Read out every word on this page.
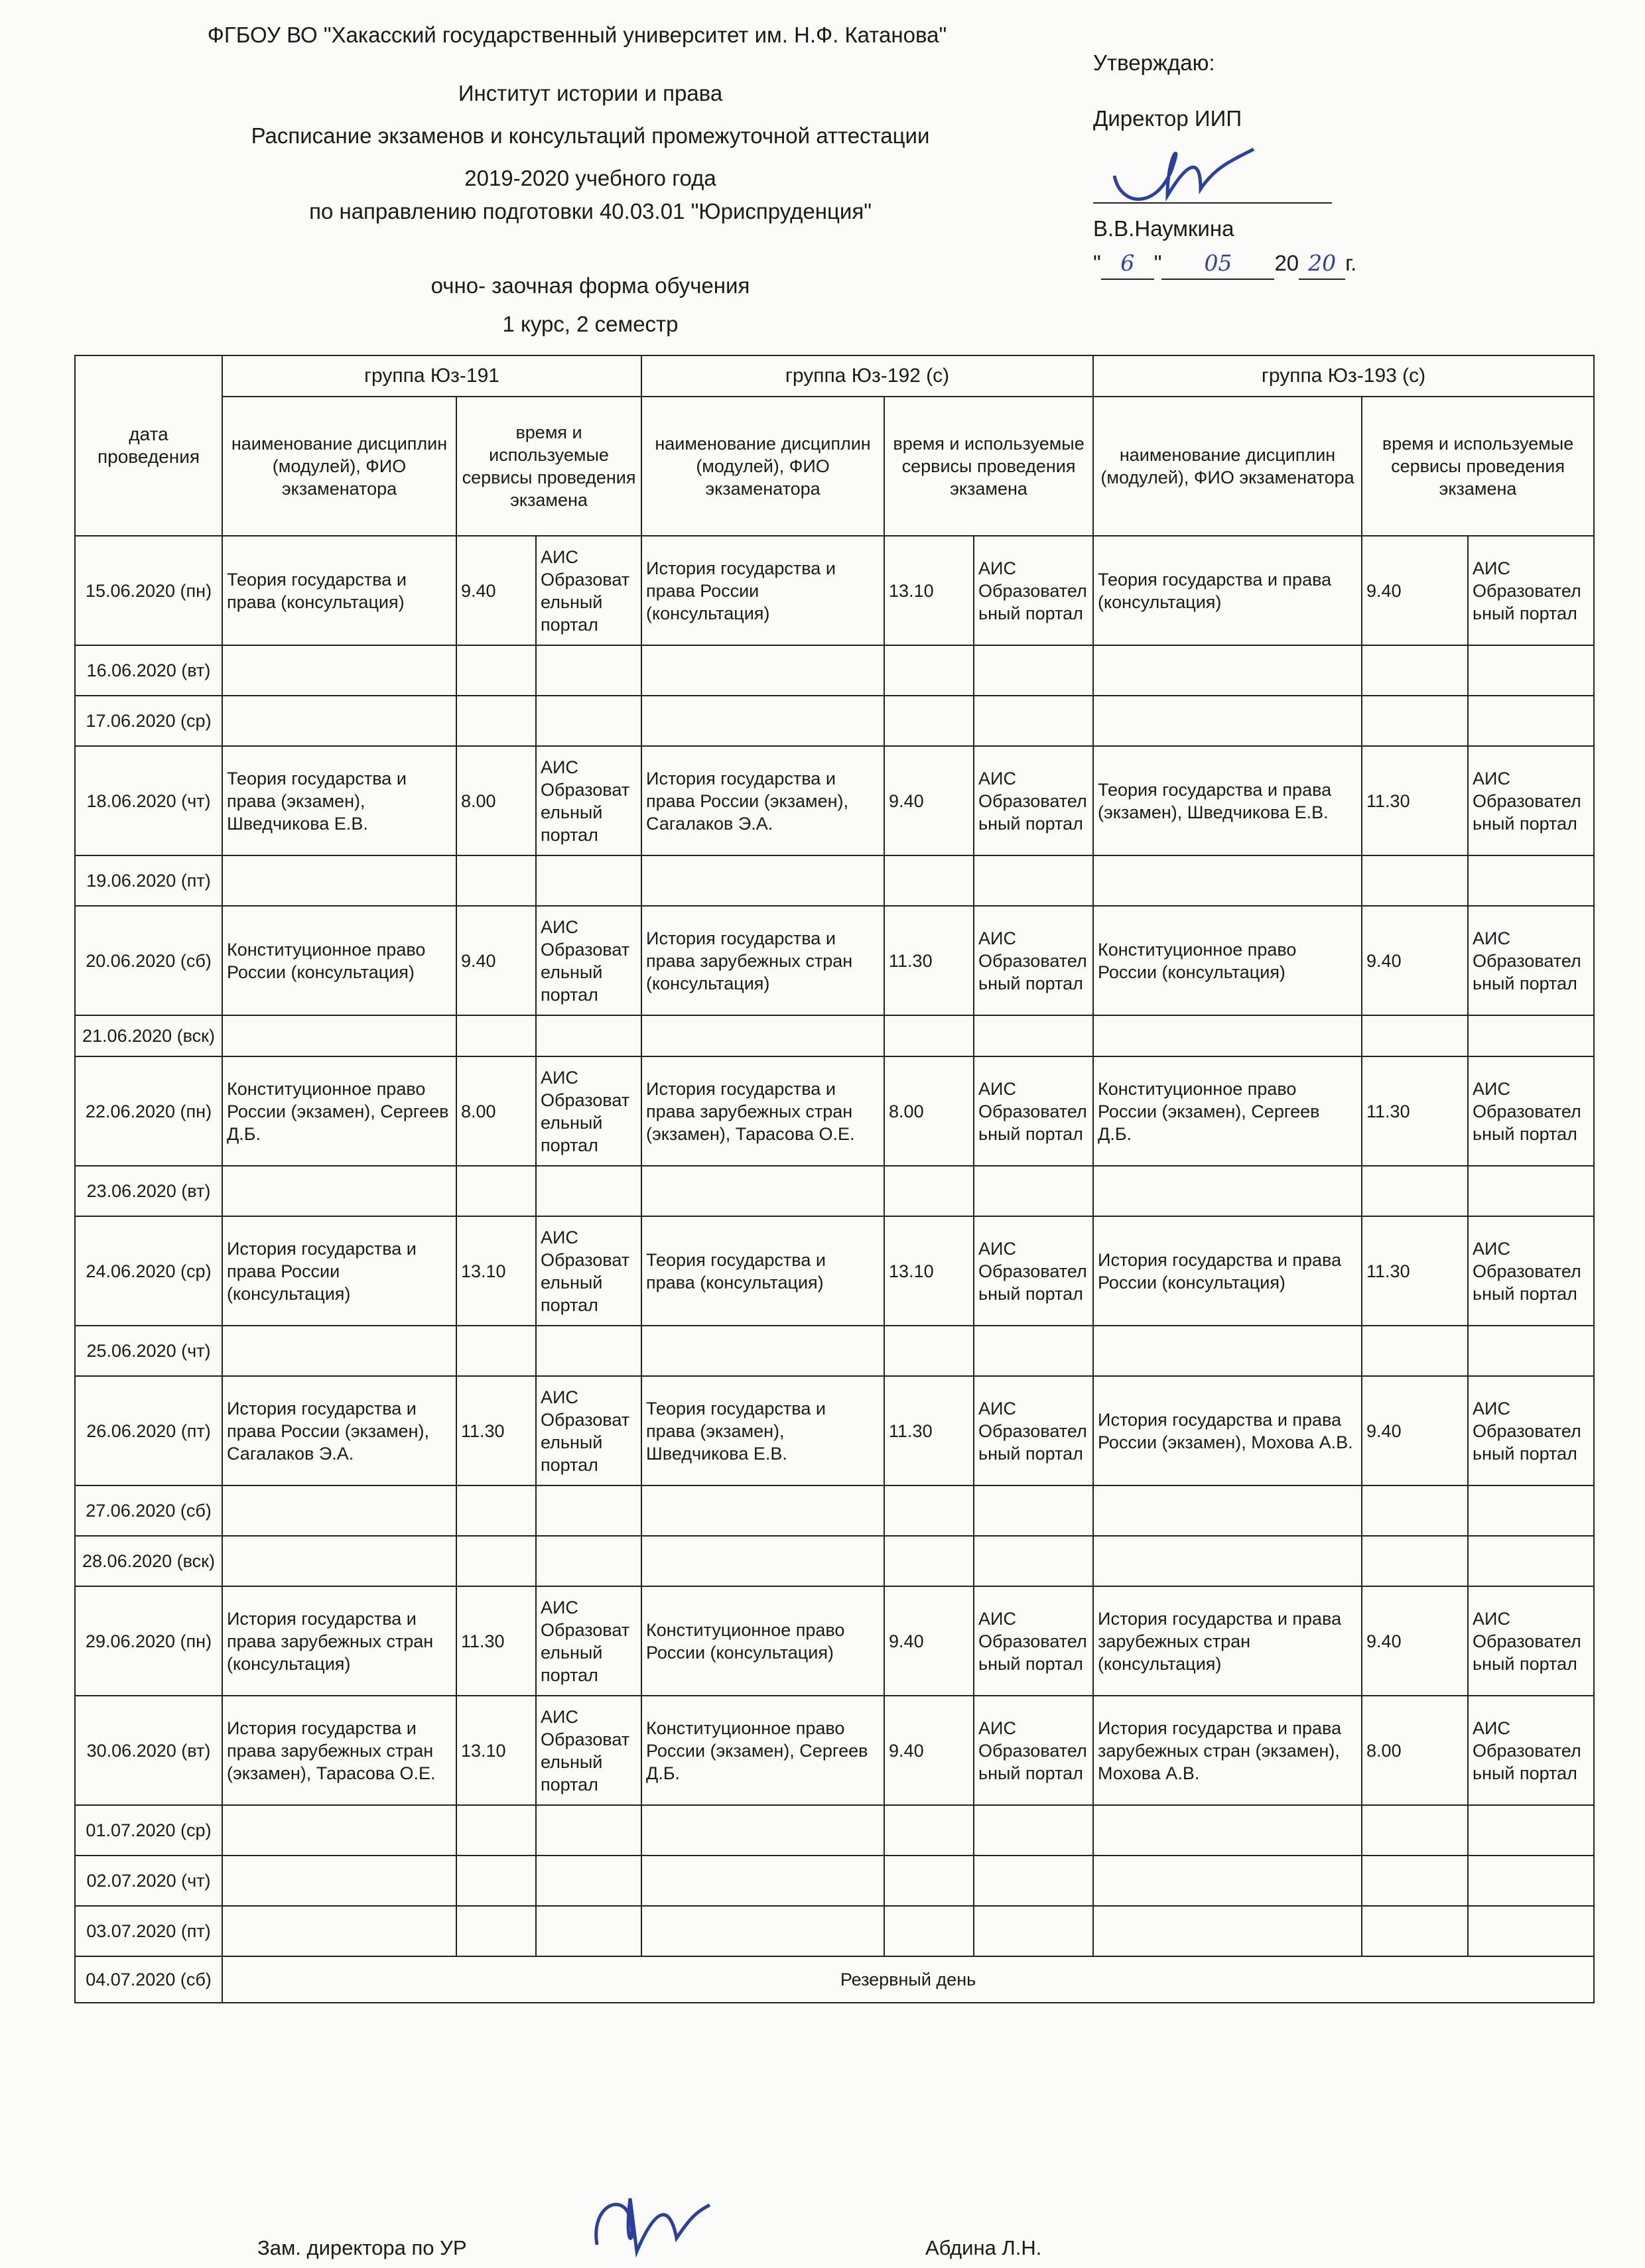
ФГБОУ ВО "Хакасский государственный университет им. Н.Ф. Катанова"
Институт истории и права
Расписание экзаменов и консультаций промежуточной аттестации
2019-2020 учебного года
по направлению подготовки 40.03.01 "Юриспруденция"
очно- заочная форма обучения
1 курс, 2 семестр
Утверждаю:
Директор ИИП
В.В.Наумкина
" 6 " 05 20 20 г.
дата проведения	группа Юз-191			группа Юз-192 (с)			группа Юз-193 (с)		
	наименование дисциплин (модулей), ФИО экзаменатора	время и используемые сервисы проведения экзамена		наименование дисциплин (модулей), ФИО экзаменатора	время и используемые сервисы проведения экзамена		наименование дисциплин (модулей), ФИО экзаменатора	время и используемые сервисы проведения экзамена	
15.06.2020 (пн)	Теория государства и права (консультация)	9.40	АИС Образовательный портал	История государства и права России (консультация)	13.10	АИС Образовательный портал	Теория государства и права (консультация)	9.40	АИС Образовательный портал
16.06.2020 (вт)									
17.06.2020 (ср)									
18.06.2020 (чт)	Теория государства и права (экзамен), Шведчикова Е.В.	8.00	АИС Образовательный портал	История государства и права России (экзамен), Сагалаков Э.А.	9.40	АИС Образовательный портал	Теория государства и права (экзамен), Шведчикова Е.В.	11.30	АИС Образовательный портал
19.06.2020 (пт)									
20.06.2020 (сб)	Конституционное право России (консультация)	9.40	АИС Образовательный портал	История государства и права зарубежных стран (консультация)	11.30	АИС Образовательный портал	Конституционное право России (консультация)	9.40	АИС Образовательный портал
21.06.2020 (вск)									
22.06.2020 (пн)	Конституционное право России (экзамен), Сергеев Д.Б.	8.00	АИС Образовательный портал	История государства и права зарубежных стран (экзамен), Тарасова О.Е.	8.00	АИС Образовательный портал	Конституционное право России (экзамен), Сергеев Д.Б.	11.30	АИС Образовательный портал
23.06.2020 (вт)									
24.06.2020 (ср)	История государства и права России (консультация)	13.10	АИС Образовательный портал	Теория государства и права (консультация)	13.10	АИС Образовательный портал	История государства и права России (консультация)	11.30	АИС Образовательный портал
25.06.2020 (чт)									
26.06.2020 (пт)	История государства и права России (экзамен), Сагалаков Э.А.	11.30	АИС Образовательный портал	Теория государства и права (экзамен), Шведчикова Е.В.	11.30	АИС Образовательный портал	История государства и права России (экзамен), Мохова А.В.	9.40	АИС Образовательный портал
27.06.2020 (сб)									
28.06.2020 (вск)									
29.06.2020 (пн)	История государства и права зарубежных стран (консультация)	11.30	АИС Образовательный портал	Конституционное право России (консультация)	9.40	АИС Образовательный портал	История государства и права зарубежных стран (консультация)	9.40	АИС Образовательный портал
30.06.2020 (вт)	История государства и права зарубежных стран (экзамен), Тарасова О.Е.	13.10	АИС Образовательный портал	Конституционное право России (экзамен), Сергеев Д.Б.	9.40	АИС Образовательный портал	История государства и права зарубежных стран (экзамен), Мохова А.В.	8.00	АИС Образовательный портал
01.07.2020 (ср)									
02.07.2020 (чт)									
03.07.2020 (пт)									
04.07.2020 (сб)	Резервный день								
Зам. директора по УР	Абдина Л.Н.
